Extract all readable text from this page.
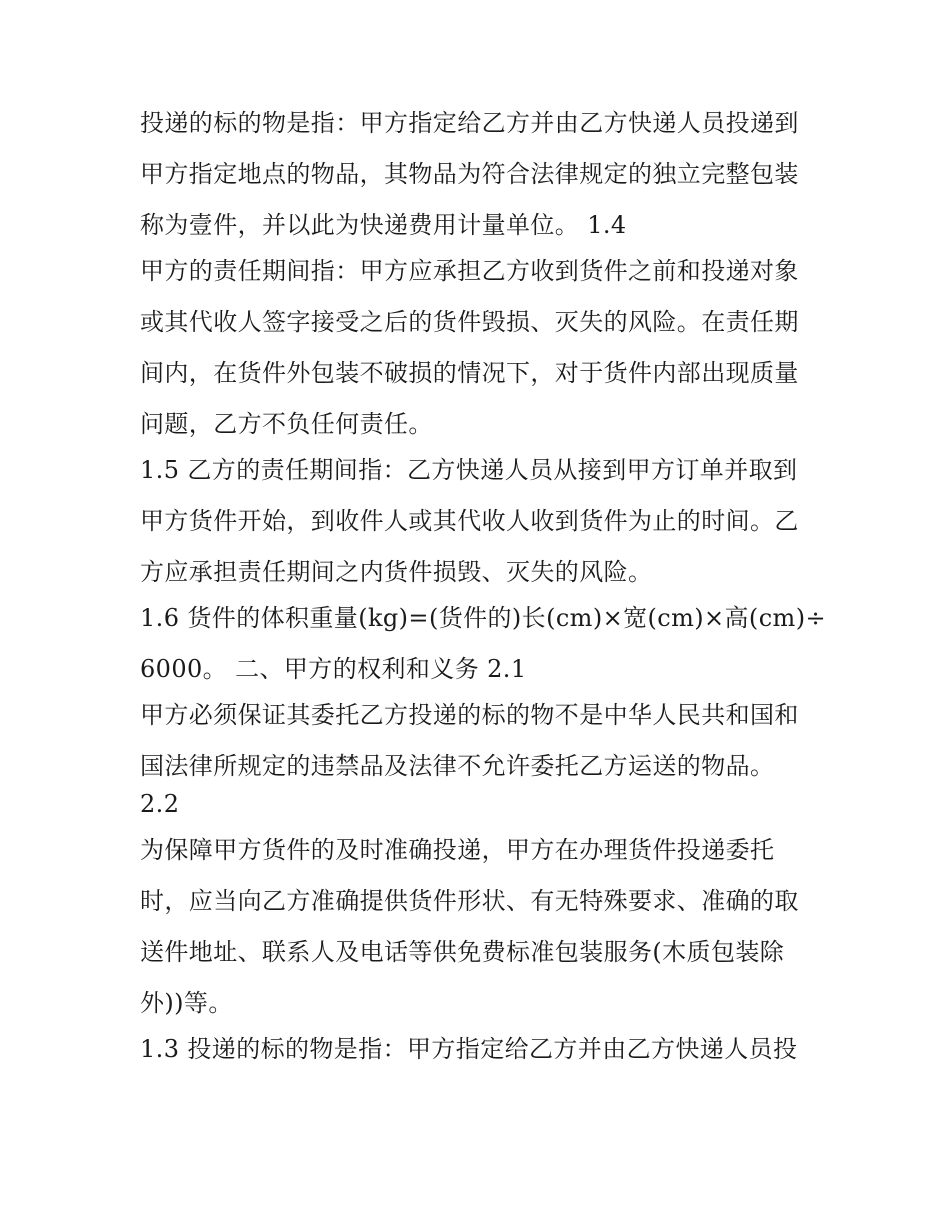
投递的标的物是指：甲方指定给乙方并由乙方快递人员投递到
甲方指定地点的物品，其物品为符合法律规定的独立完整包装
称为壹件，并以此为快递费用计量单位。 1.4
甲方的责任期间指：甲方应承担乙方收到货件之前和投递对象
或其代收人签字接受之后的货件毁损、灭失的风险。在责任期
间内，在货件外包装不破损的情况下，对于货件内部出现质量
问题，乙方不负任何责任。
1.5 乙方的责任期间指：乙方快递人员从接到甲方订单并取到
甲方货件开始，到收件人或其代收人收到货件为止的时间。乙
方应承担责任期间之内货件损毁、灭失的风险。
1.6 货件的体积重量(kg)=(货件的)长(cm)×宽(cm)×高(cm)÷
6000。 二、甲方的权利和义务 2.1
甲方必须保证其委托乙方投递的标的物不是中华人民共和国和
国法律所规定的违禁品及法律不允许委托乙方运送的物品。
2.2
为保障甲方货件的及时准确投递，甲方在办理货件投递委托
时，应当向乙方准确提供货件形状、有无特殊要求、准确的取
送件地址、联系人及电话等供免费标准包装服务(木质包装除
外))等。
1.3 投递的标的物是指：甲方指定给乙方并由乙方快递人员投
